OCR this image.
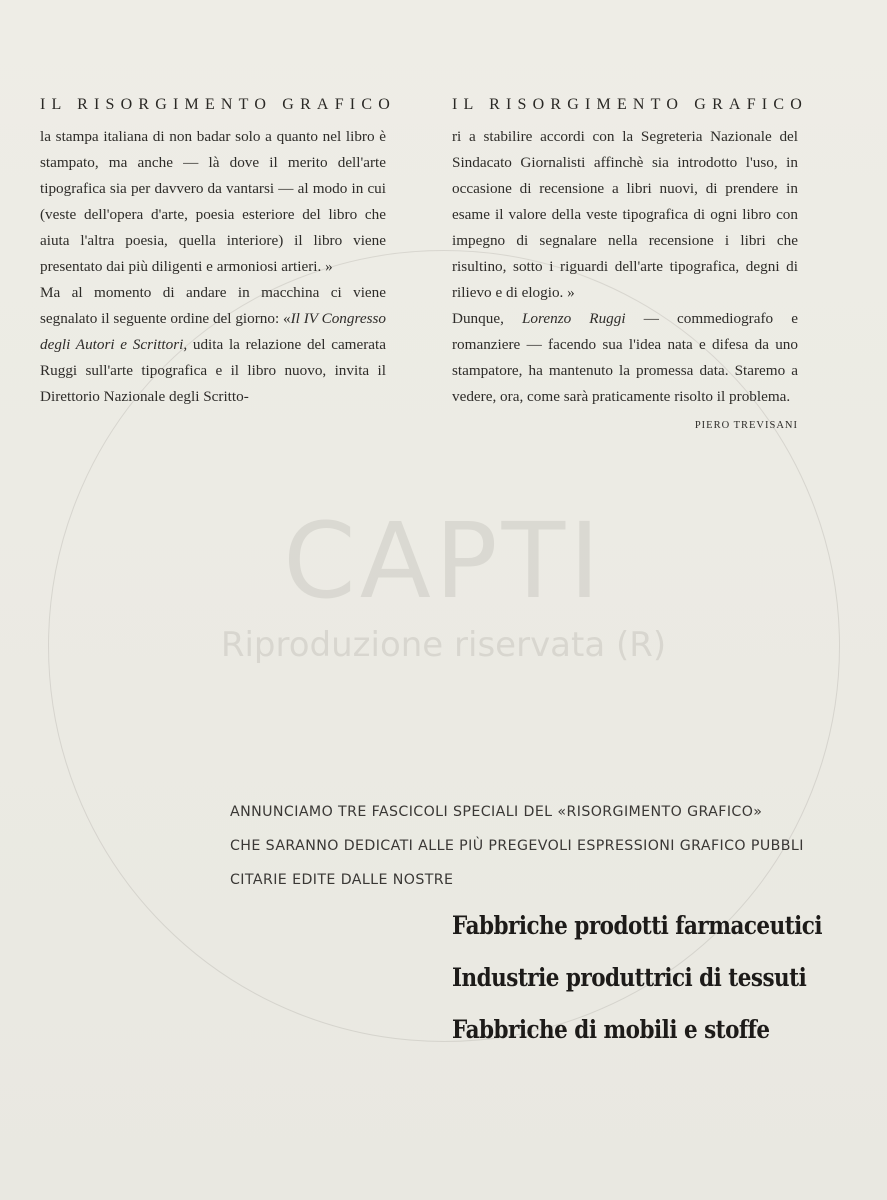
CAPTI
Riproduzione riservata (R)
IL RISORGIMENTO GRAFICO

la stampa italiana di non badar solo a quanto nel libro è stampato, ma anche — là dove il merito dell'arte tipografica sia per davvero da vantarsi — al modo in cui (veste dell'opera d'arte, poesia esteriore del libro che aiuta l'altra poesia, quella interiore) il libro viene presentato dai più diligenti e armoniosi artieri. »

Ma al momento di andare in macchina ci viene segnalato il seguente ordine del giorno: «Il IV Congresso degli Autori e Scrittori, udita la relazione del camerata Ruggi sull'arte tipografica e il libro nuovo, invita il Direttorio Nazionale degli Scritto-

IL RISORGIMENTO GRAFICO

ri a stabilire accordi con la Segreteria Nazionale del Sindacato Giornalisti affinchè sia introdotto l'uso, in occasione di recensione a libri nuovi, di prendere in esame il valore della veste tipografica di ogni libro con impegno di segnalare nella recensione i libri che risultino, sotto i riguardi dell'arte tipografica, degni di rilievo e di elogio. »

Dunque, Lorenzo Ruggi — commediografo e romanziere — facendo sua l'idea nata e difesa da uno stampatore, ha mantenuto la promessa data. Staremo a vedere, ora, come sarà praticamente risolto il problema.
PIERO TREVISANI

ANNUNCIAMO TRE FASCICOLI SPECIALI DEL «RISORGIMENTO GRAFICO»
CHE SARANNO DEDICATI ALLE PIÙ PREGEVOLI ESPRESSIONI GRAFICO PUBBLI
CITARIE EDITE DALLE NOSTRE
Fabbriche prodotti farmaceutici
Industrie produttrici di tessuti
Fabbriche di mobili e stoffe
